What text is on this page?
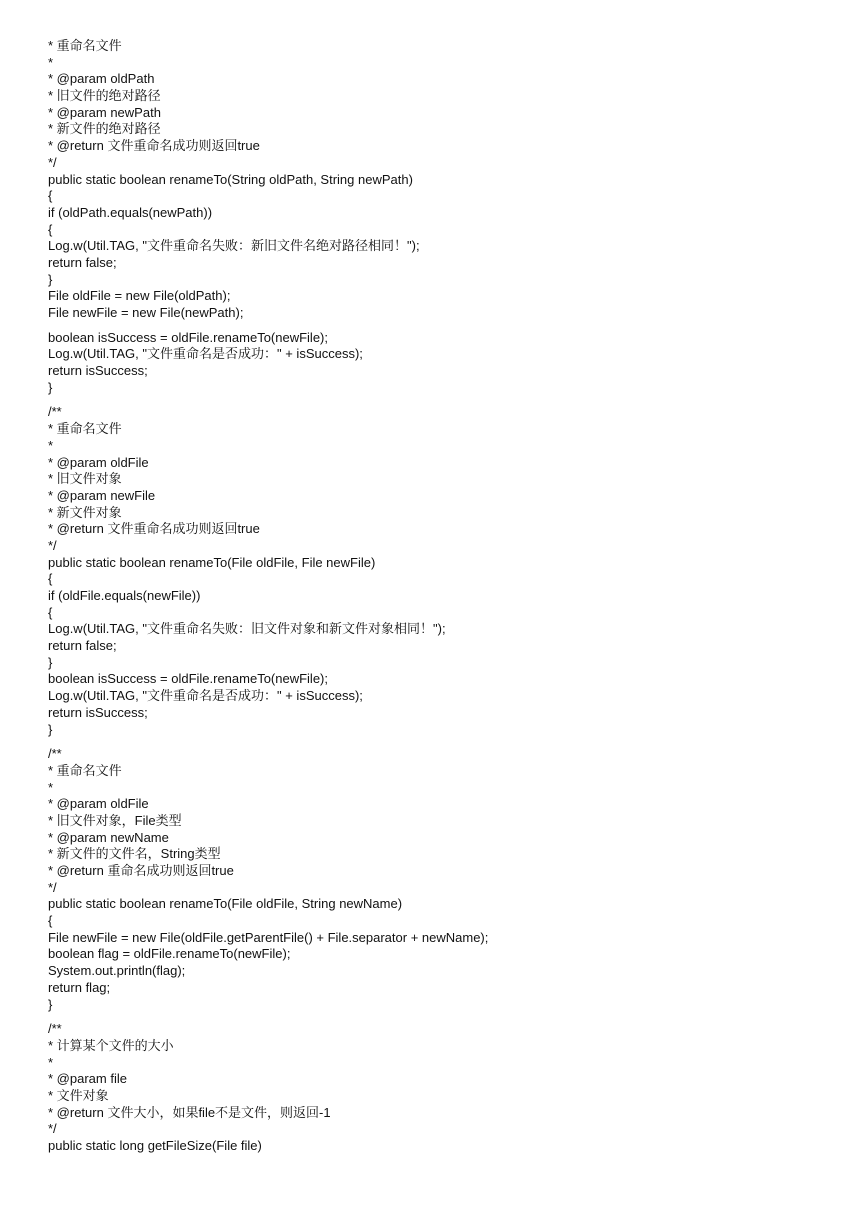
* 重命名文件
*
* @param oldPath
* 旧文件的绝对路径
* @param newPath
* 新文件的绝对路径
* @return 文件重命名成功则返回true
*/
public static boolean renameTo(String oldPath, String newPath)
{
if (oldPath.equals(newPath))
{
Log.w(Util.TAG, "文件重命名失败：新旧文件名绝对路径相同！");
return false;
}
File oldFile = new File(oldPath);
File newFile = new File(newPath);
boolean isSuccess = oldFile.renameTo(newFile);
Log.w(Util.TAG, "文件重命名是否成功：" + isSuccess);
return isSuccess;
}
/**
* 重命名文件
*
* @param oldFile
* 旧文件对象
* @param newFile
* 新文件对象
* @return 文件重命名成功则返回true
*/
public static boolean renameTo(File oldFile, File newFile)
{
if (oldFile.equals(newFile))
{
Log.w(Util.TAG, "文件重命名失败：旧文件对象和新文件对象相同！");
return false;
}
boolean isSuccess = oldFile.renameTo(newFile);
Log.w(Util.TAG, "文件重命名是否成功：" + isSuccess);
return isSuccess;
}
/**
* 重命名文件
*
* @param oldFile
* 旧文件对象，File类型
* @param newName
* 新文件的文件名，String类型
* @return 重命名成功则返回true
*/
public static boolean renameTo(File oldFile, String newName)
{
File newFile = new File(oldFile.getParentFile() + File.separator + newName);
boolean flag = oldFile.renameTo(newFile);
System.out.println(flag);
return flag;
}
/**
* 计算某个文件的大小
*
* @param file
* 文件对象
* @return 文件大小，如果file不是文件，则返回-1
*/
public static long getFileSize(File file)
